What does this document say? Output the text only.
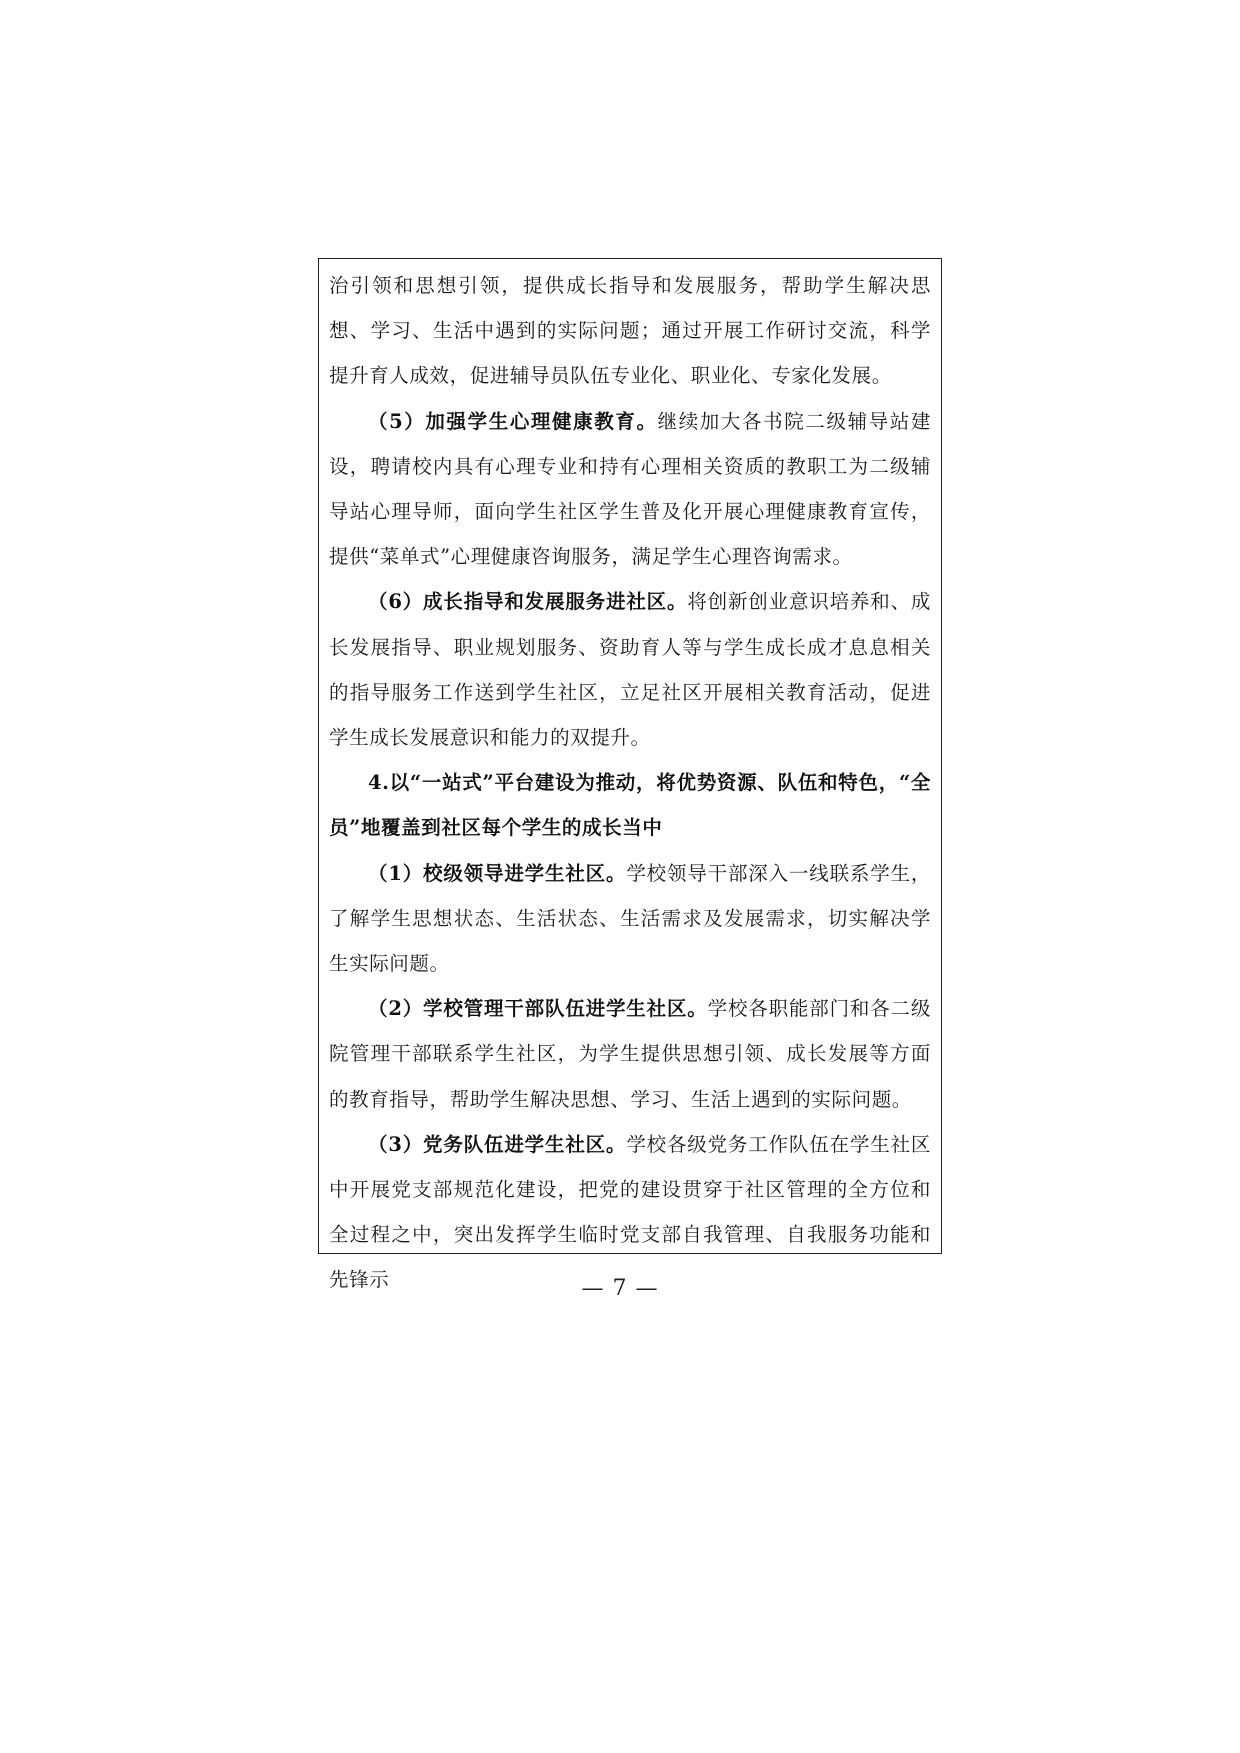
治引领和思想引领，提供成长指导和发展服务，帮助学生解决思想、学习、生活中遇到的实际问题；通过开展工作研讨交流，科学提升育人成效，促进辅导员队伍专业化、职业化、专家化发展。

（5）加强学生心理健康教育。继续加大各书院二级辅导站建设，聘请校内具有心理专业和持有心理相关资质的教职工为二级辅导站心理导师，面向学生社区学生普及化开展心理健康教育宣传，提供“菜单式”心理健康咨询服务，满足学生心理咨询需求。

（6）成长指导和发展服务进社区。将创新创业意识培养和、成长发展指导、职业规划服务、资助育人等与学生成长成才息息相关的指导服务工作送到学生社区，立足社区开展相关教育活动，促进学生成长发展意识和能力的双提升。

4.以“一站式”平台建设为推动，将优势资源、队伍和特色，“全员”地覆盖到社区每个学生的成长当中

（1）校级领导进学生社区。学校领导干部深入一线联系学生，了解学生思想状态、生活状态、生活需求及发展需求，切实解决学生实际问题。

（2）学校管理干部队伍进学生社区。学校各职能部门和各二级院管理干部联系学生社区，为学生提供思想引领、成长发展等方面的教育指导，帮助学生解决思想、学习、生活上遇到的实际问题。

（3）党务队伍进学生社区。学校各级党务工作队伍在学生社区中开展党支部规范化建设，把党的建设贯穿于社区管理的全方位和全过程之中，突出发挥学生临时党支部自我管理、自我服务功能和先锋示	— 7 —
